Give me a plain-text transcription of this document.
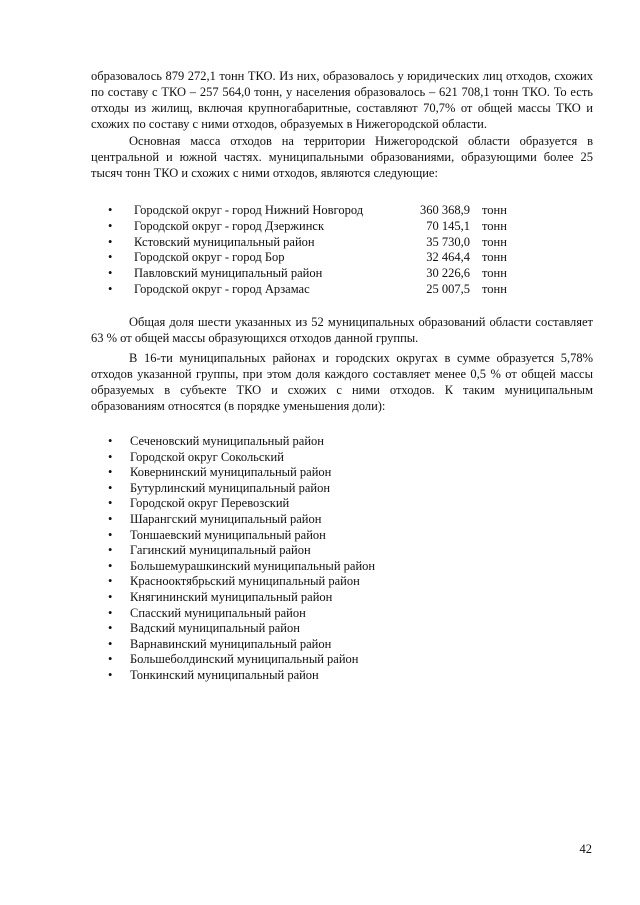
образовалось 879 272,1 тонн ТКО. Из них, образовалось у юридических лиц отходов, схожих по составу с ТКО – 257 564,0 тонн, у населения образовалось – 621 708,1 тонн ТКО. То есть отходы из жилищ, включая крупногабаритные, составляют 70,7% от общей массы ТКО и схожих по составу с ними отходов, образуемых в Нижегородской области.

Основная масса отходов на территории Нижегородской области образуется в центральной и южной частях. муниципальными образованиями, образующими более 25 тысяч тонн ТКО и схожих с ними отходов, являются следующие:

•	Городской округ - город Нижний Новгород	360 368,9 тонн
•	Городской округ - город Дзержинск	70 145,1 тонн
•	Кстовский муниципальный район	35 730,0 тонн
•	Городской округ - город Бор	32 464,4 тонн
•	Павловский муниципальный район	30 226,6 тонн
•	Городской округ - город Арзамас	25 007,5 тонн

Общая доля шести указанных из 52 муниципальных образований области составляет 63 % от общей массы образующихся отходов данной группы.

В 16-ти муниципальных районах и городских округах в сумме образуется 5,78% отходов указанной группы, при этом доля каждого составляет менее 0,5 % от общей массы образуемых в субъекте ТКО и схожих с ними отходов. К таким муниципальным образованиям относятся (в порядке уменьшения доли):

•	Сеченовский муниципальный район
•	Городской округ Сокольский
•	Ковернинский муниципальный район
•	Бутурлинский муниципальный район
•	Городской округ Перевозский
•	Шарангский муниципальный район
•	Тоншаевский муниципальный район
•	Гагинский муниципальный район
•	Большемурашкинский муниципальный район
•	Краснооктябрьский муниципальный район
•	Княгининский муниципальный район
•	Спасский муниципальный район
•	Вадский муниципальный район
•	Варнавинский муниципальный район
•	Большеболдинский муниципальный район
•	Тонкинский муниципальный район
42
